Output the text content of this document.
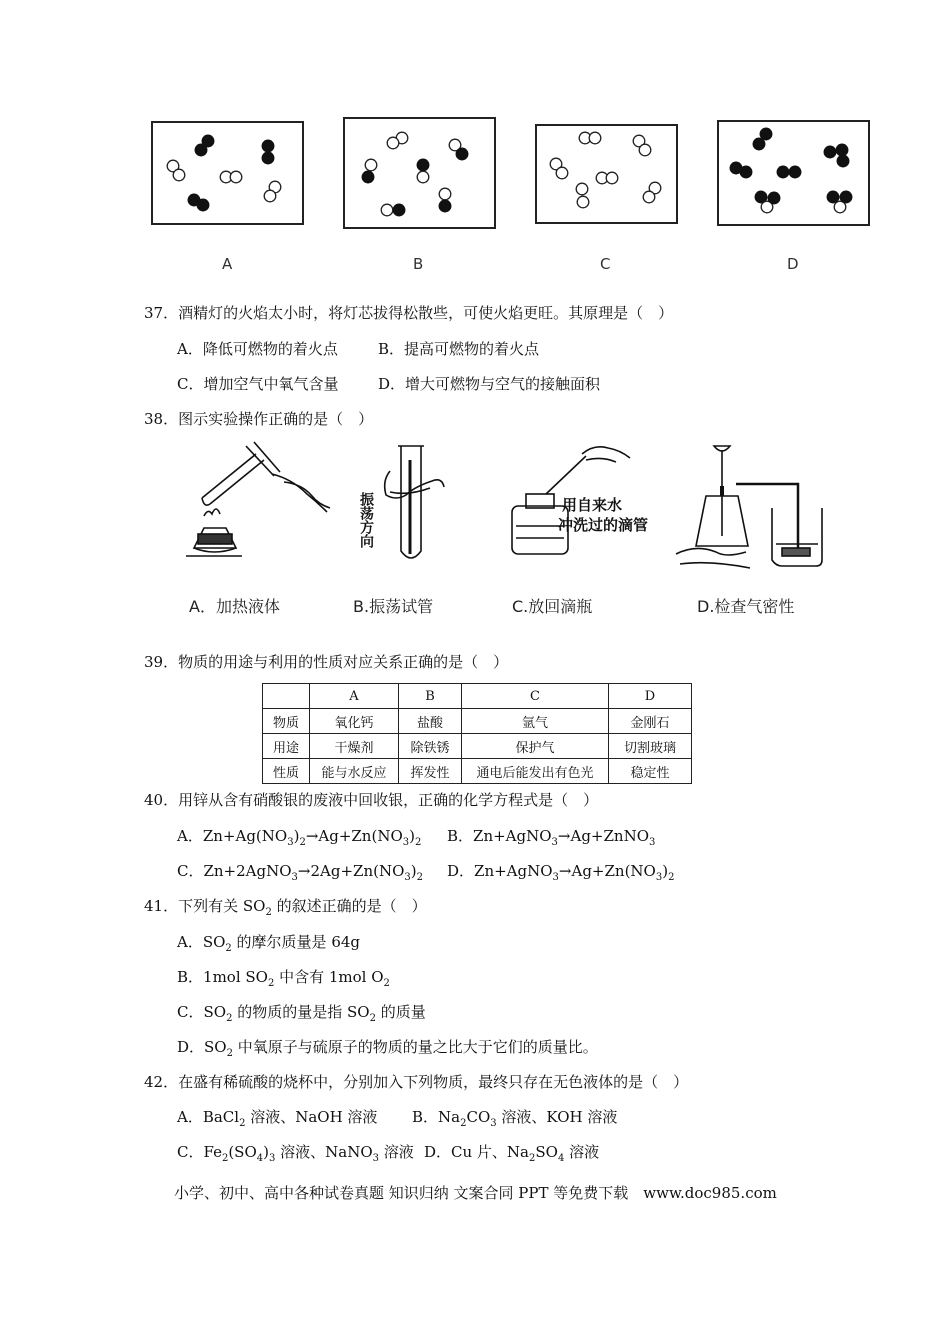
A	B	C	D
37．酒精灯的火焰太小时，将灯芯拔得松散些，可使火焰更旺。其原理是（　）
A．降低可燃物的着火点	B．提高可燃物的着火点
C．增加空气中氧气含量	D．增大可燃物与空气的接触面积
38．图示实验操作正确的是（　）
振荡方向	用自来水
冲洗过的滴管
A．加热液体	B.振荡试管	C.放回滴瓶	D.检查气密性
39．物质的用途与利用的性质对应关系正确的是（　）
	A	B	C	D
物质	氧化钙	盐酸	氩气	金刚石
用途	干燥剂	除铁锈	保护气	切割玻璃
性质	能与水反应	挥发性	通电后能发出有色光	稳定性
40．用锌从含有硝酸银的废液中回收银，正确的化学方程式是（　）
A．$Zn+Ag(NO_3)_2\to Ag+Zn(NO_3)_2$ B．Zn+AgNO$_3$→Ag+ZnNO$_3$
C．$Zn+2AgNO_3\to 2Ag+Zn(NO_3)_2$ D．$Zn+AgNO_3\to Ag+Zn(NO_3)_2$
41．下列有关 $SO_2$ 的叙述正确的是（　）
A．$SO_2$ 的摩尔质量是 64g
B．1mol $SO_2$ 中含有 1mol $O_2$
C．$SO_2$ 的物质的量是指 $SO_2$ 的质量
D．$SO_2$ 中氧原子与硫原子的物质的量之比大于它们的质量比。
42．在盛有稀硫酸的烧杯中，分别加入下列物质，最终只存在无色液体的是（　）
A．BaCl$_2$ 溶液、NaOH 溶液 B．$Na_2CO_3$ 溶液、KOH 溶液
C．$Fe_2(SO_4)_3$ 溶液、NaNO$_3$ 溶液 D．Cu 片、$Na_2SO_4$ 溶液
小学、初中、高中各种试卷真题 知识归纳 文案合同 PPT 等免费下载　www.doc985.com
